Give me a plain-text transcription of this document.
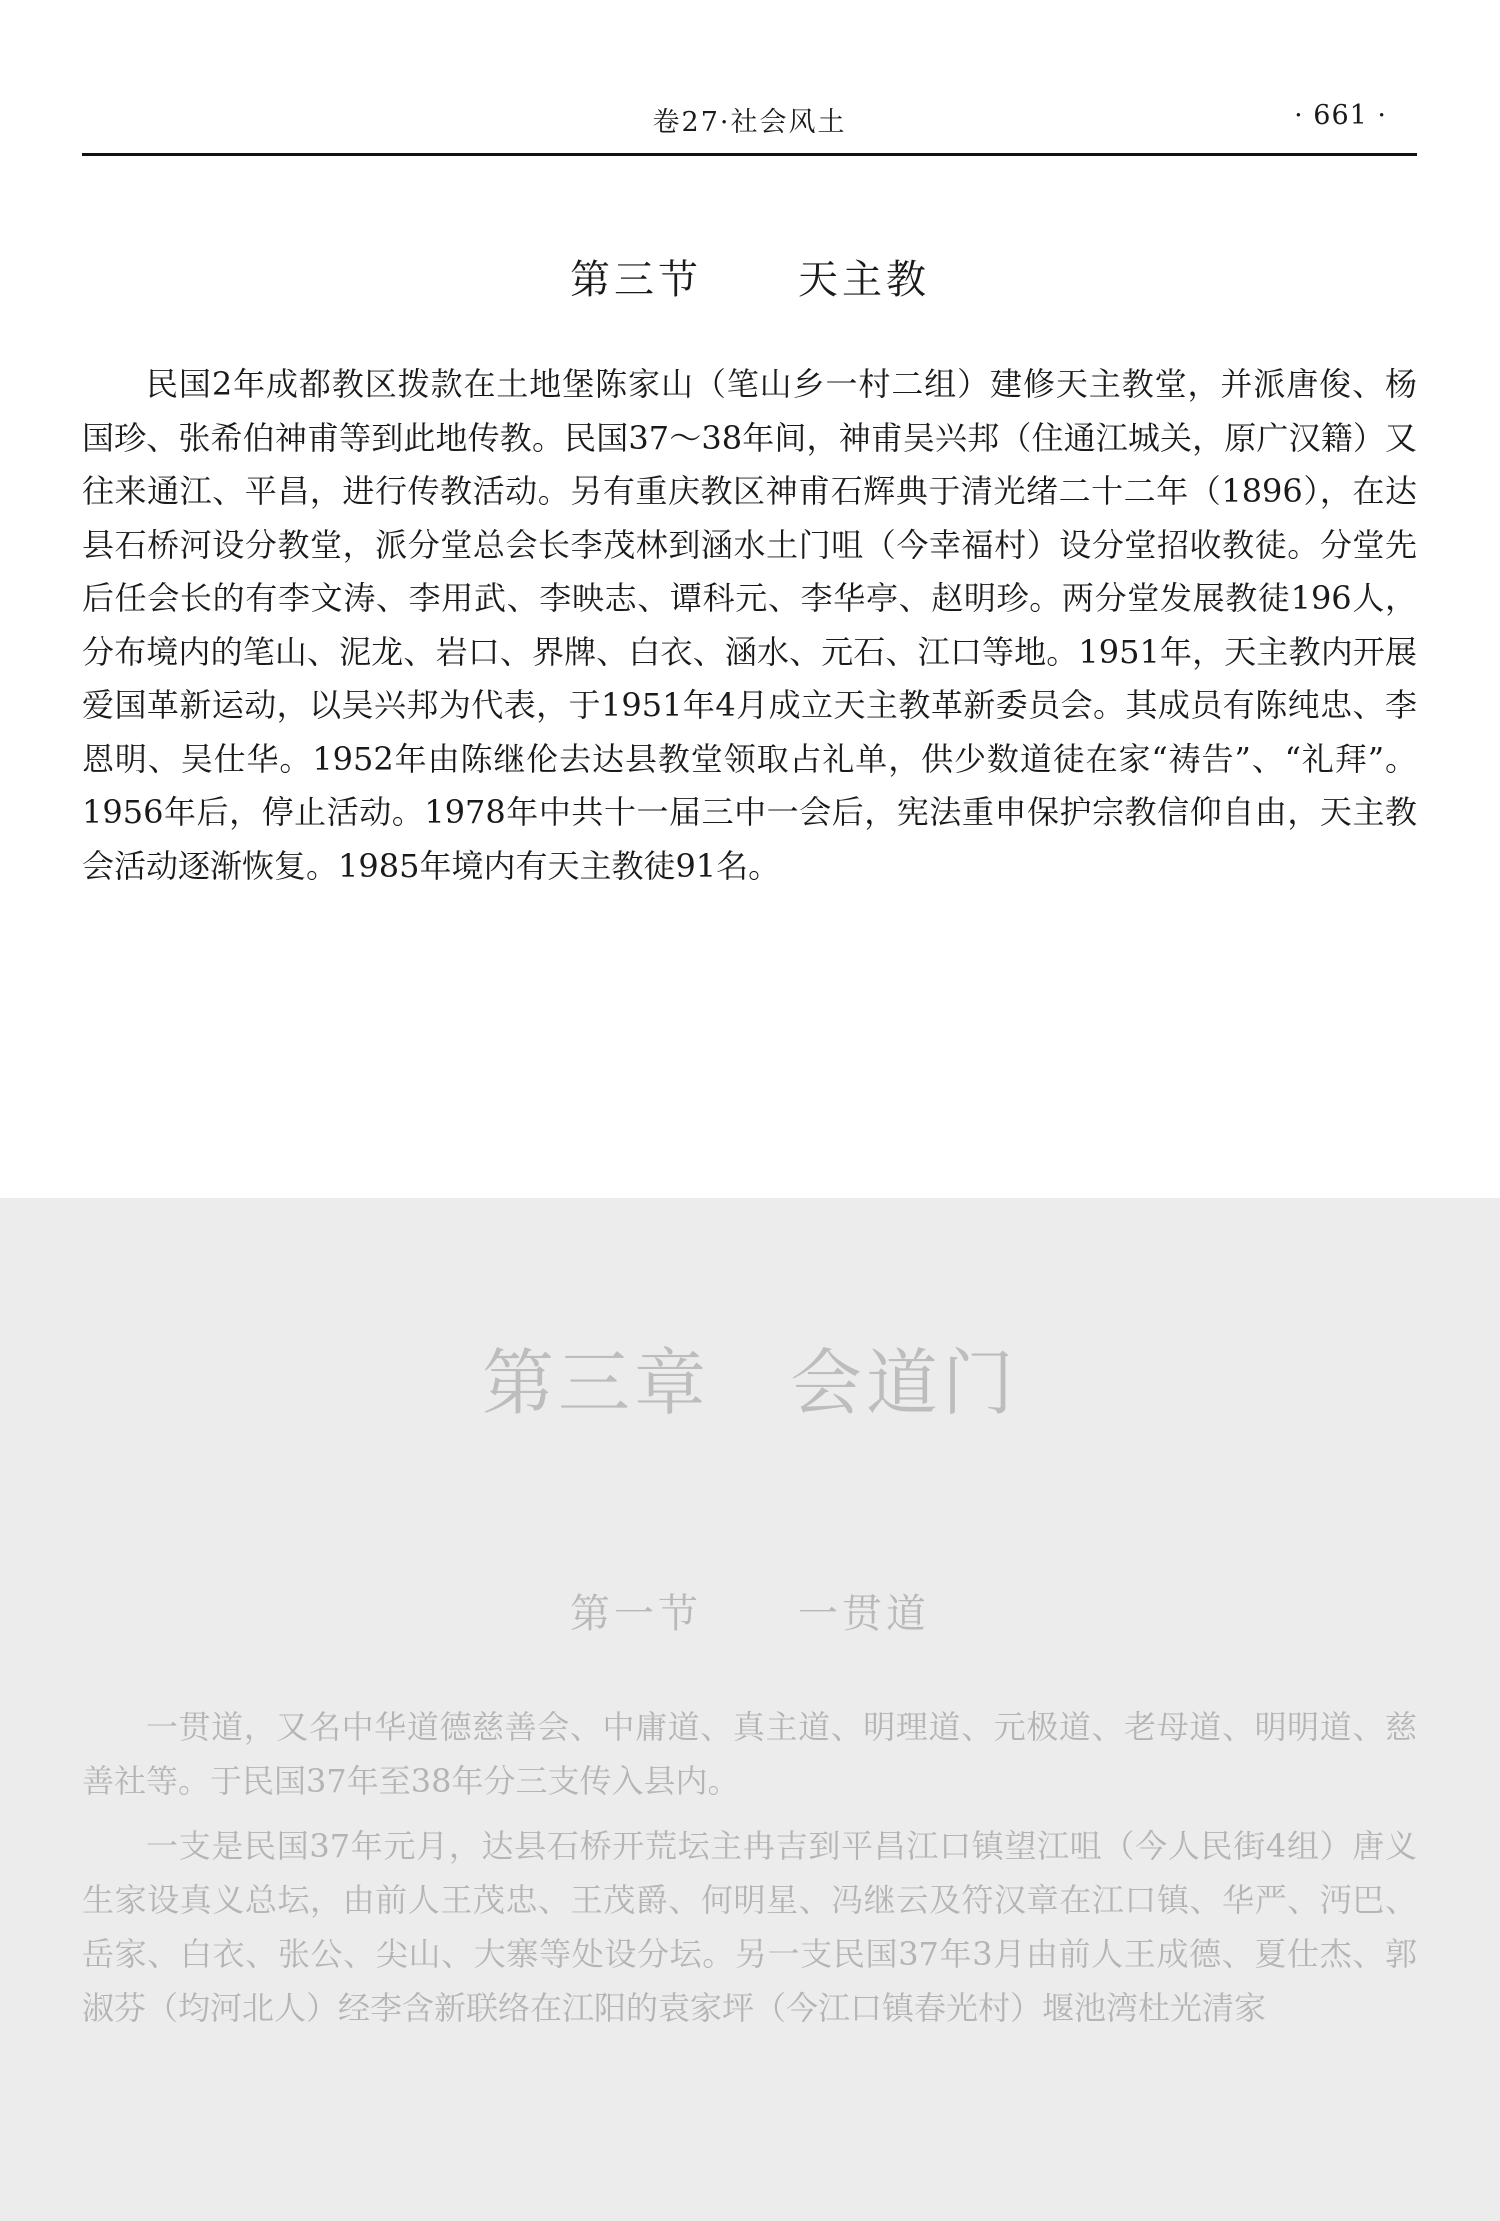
卷27·社会风土	· 661 ·
第三节 天主教

民国2年成都教区拨款在土地堡陈家山（笔山乡一村二组）建修天主教堂，并派唐俊、杨 国珍、张希伯神甫等到此地传教。民国37～38年间，神甫吴兴邦（住通江城关，原广汉籍）又往来通江、平昌，进行传教活动。另有重庆教区神甫石辉典于清光绪二十二年（1896），在达县石桥河设分教堂，派分堂总会长李茂林到涵水土门咀（今幸福村）设分堂招收教徒。分堂先后任会长的有李文涛、李用武、李映志、谭科元、李华亭、赵明珍。两分堂发展教徒196人，分布境内的笔山、泥龙、岩口、界牌、白衣、涵水、元石、江口等地。1951年，天主教内开展爱国革新运动，以吴兴邦为代表，于1951年4月成立天主教革新委员会。其成员有陈纯忠、李恩明、吴仕华。1952年由陈继伦去达县教堂领取占礼单，供少数道徒在家“祷告”、“礼拜”。1956年后，停止活动。1978年中共十一届三中一会后，宪法重申保护宗教信仰自由，天主教会活动逐渐恢复。1985年境内有天主教徒91名。

第三章 会道门
第一节 一贯道

一贯道，又名中华道德慈善会、中庸道、真主道、明理道、元极道、老母道、明明道、慈善社等。于民国37年至38年分三支传入县内。

一支是民国37年元月，达县石桥开荒坛主冉吉到平昌江口镇望江咀（今人民街4组）唐义生家设真义总坛，由前人王茂忠、王茂爵、何明星、冯继云及符汉章在江口镇、华严、沔巴、岳家、白衣、张公、尖山、大寨等处设分坛。另一支民国37年3月由前人王成德、夏仕杰、郭淑芬（均河北人）经李含新联络在江阳的袁家坪（今江口镇春光村）堰池湾杜光清家
